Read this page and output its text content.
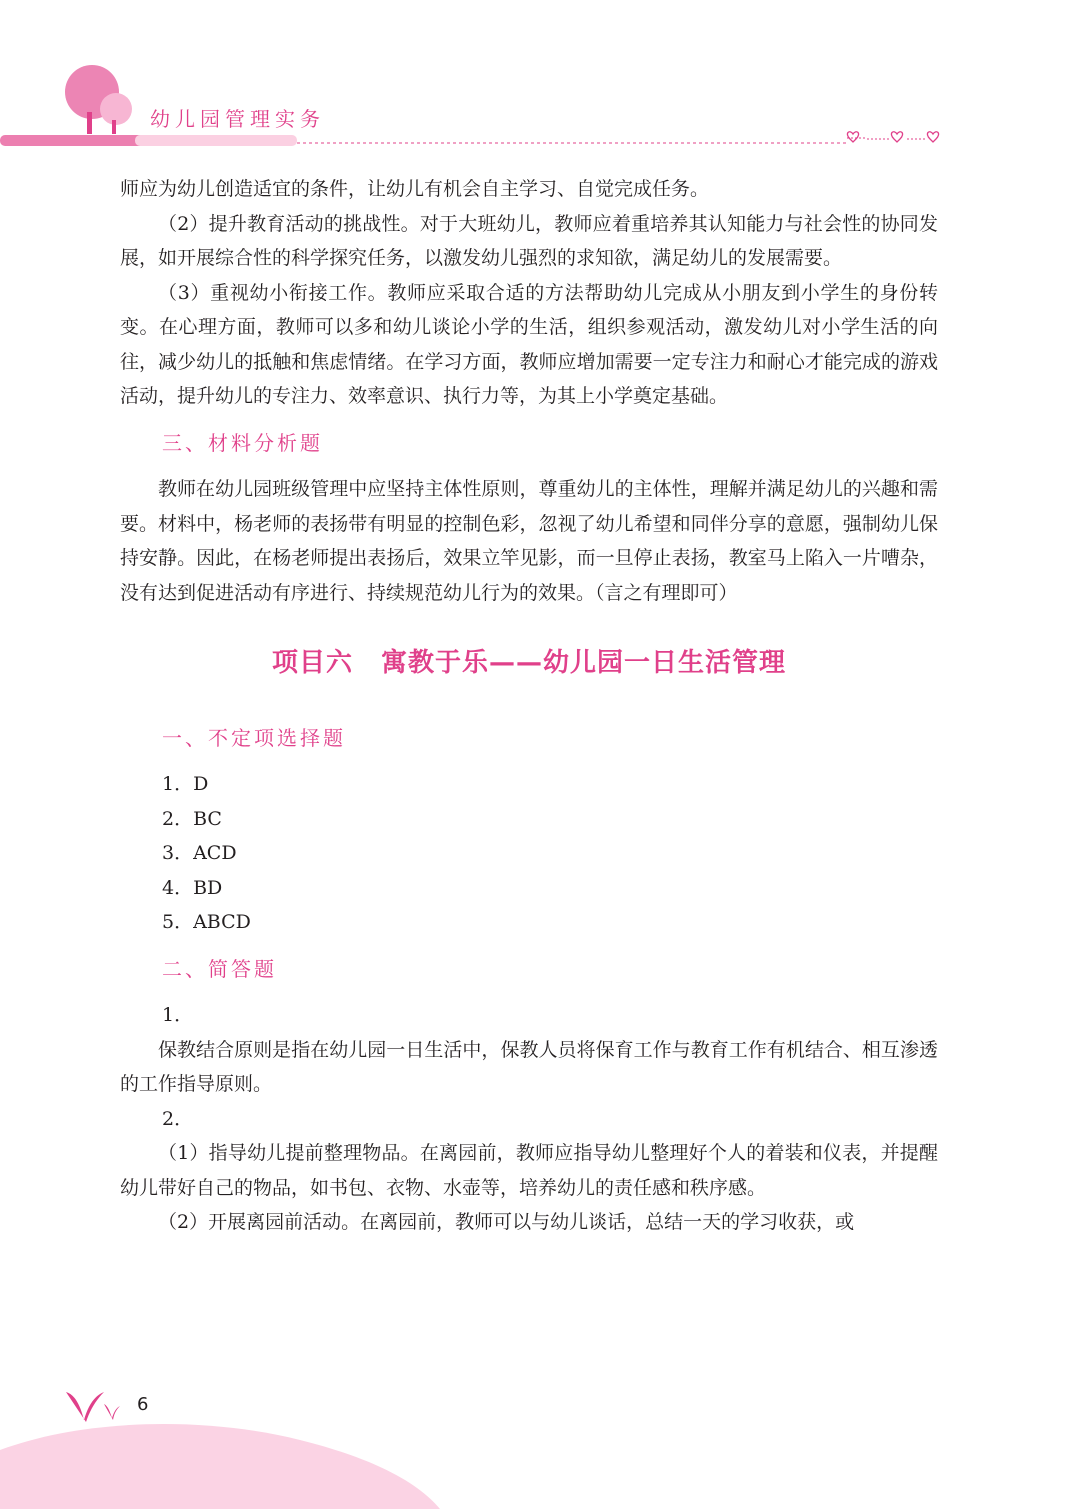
幼儿园管理实务

师应为幼儿创造适宜的条件，让幼儿有机会自主学习、自觉完成任务。

（2）提升教育活动的挑战性。对于大班幼儿，教师应着重培养其认知能力与社会性的协同发展，如开展综合性的科学探究任务，以激发幼儿强烈的求知欲，满足幼儿的发展需要。

（3）重视幼小衔接工作。教师应采取合适的方法帮助幼儿完成从小朋友到小学生的身份转变。在心理方面，教师可以多和幼儿谈论小学的生活，组织参观活动，激发幼儿对小学生活的向往，减少幼儿的抵触和焦虑情绪。在学习方面，教师应增加需要一定专注力和耐心才能完成的游戏活动，提升幼儿的专注力、效率意识、执行力等，为其上小学奠定基础。

三、材料分析题

教师在幼儿园班级管理中应坚持主体性原则，尊重幼儿的主体性，理解并满足幼儿的兴趣和需要。材料中，杨老师的表扬带有明显的控制色彩，忽视了幼儿希望和同伴分享的意愿，强制幼儿保持安静。因此，在杨老师提出表扬后，效果立竿见影，而一旦停止表扬，教室马上陷入一片嘈杂，没有达到促进活动有序进行、持续规范幼儿行为的效果。（言之有理即可）

项目六 寓教于乐——幼儿园一日生活管理

一、不定项选择题

1．D

2．BC

3．ACD

4．BD

5．ABCD

二、简答题

1．

保教结合原则是指在幼儿园一日生活中，保教人员将保育工作与教育工作有机结合、相互渗透的工作指导原则。

2．

（1）指导幼儿提前整理物品。在离园前，教师应指导幼儿整理好个人的着装和仪表，并提醒幼儿带好自己的物品，如书包、衣物、水壶等，培养幼儿的责任感和秩序感。

（2）开展离园前活动。在离园前，教师可以与幼儿谈话，总结一天的学习收获，或

6
